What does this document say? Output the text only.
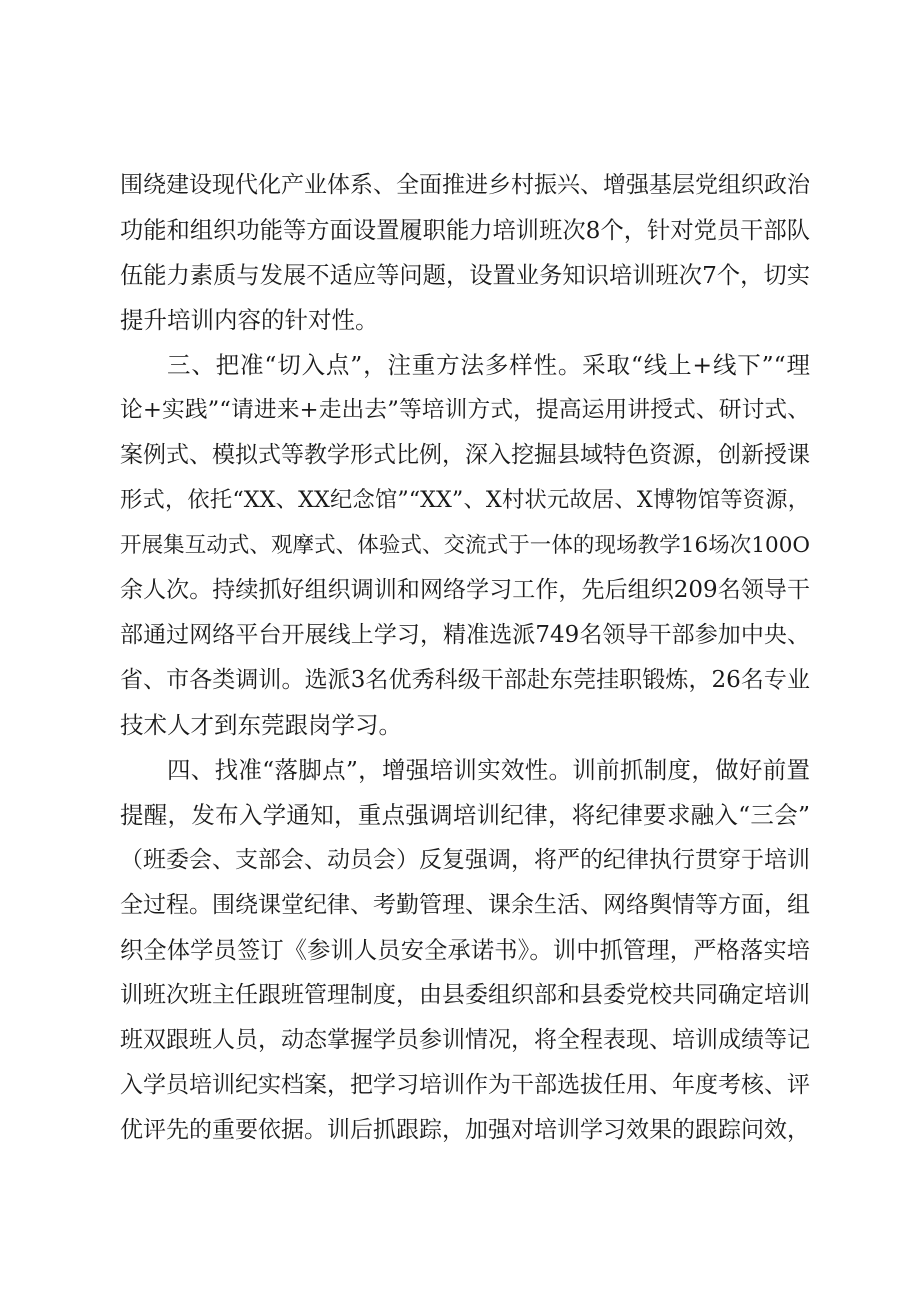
围绕建设现代化产业体系、全面推进乡村振兴、增强基层党组织政治
功能和组织功能等方面设置履职能力培训班次8个，针对党员干部队
伍能力素质与发展不适应等问题，设置业务知识培训班次7个，切实
提升培训内容的针对性。
三、把准“切入点”，注重方法多样性。采取“线上+线下”“理
论+实践”“请进来+走出去”等培训方式，提高运用讲授式、研讨式、
案例式、模拟式等教学形式比例，深入挖掘县域特色资源，创新授课
形式，依托“XX、XX纪念馆”“XX”、X村状元故居、X博物馆等资源，
开展集互动式、观摩式、体验式、交流式于一体的现场教学16场次100O
余人次。持续抓好组织调训和网络学习工作，先后组织209名领导干
部通过网络平台开展线上学习，精准选派749名领导干部参加中央、
省、市各类调训。选派3名优秀科级干部赴东莞挂职锻炼，26名专业
技术人才到东莞跟岗学习。
四、找准“落脚点”，增强培训实效性。训前抓制度，做好前置
提醒，发布入学通知，重点强调培训纪律，将纪律要求融入“三会”
（班委会、支部会、动员会）反复强调，将严的纪律执行贯穿于培训
全过程。围绕课堂纪律、考勤管理、课余生活、网络舆情等方面，组
织全体学员签订《参训人员安全承诺书》。训中抓管理，严格落实培
训班次班主任跟班管理制度，由县委组织部和县委党校共同确定培训
班双跟班人员，动态掌握学员参训情况，将全程表现、培训成绩等记
入学员培训纪实档案，把学习培训作为干部选拔任用、年度考核、评
优评先的重要依据。训后抓跟踪，加强对培训学习效果的跟踪问效，
